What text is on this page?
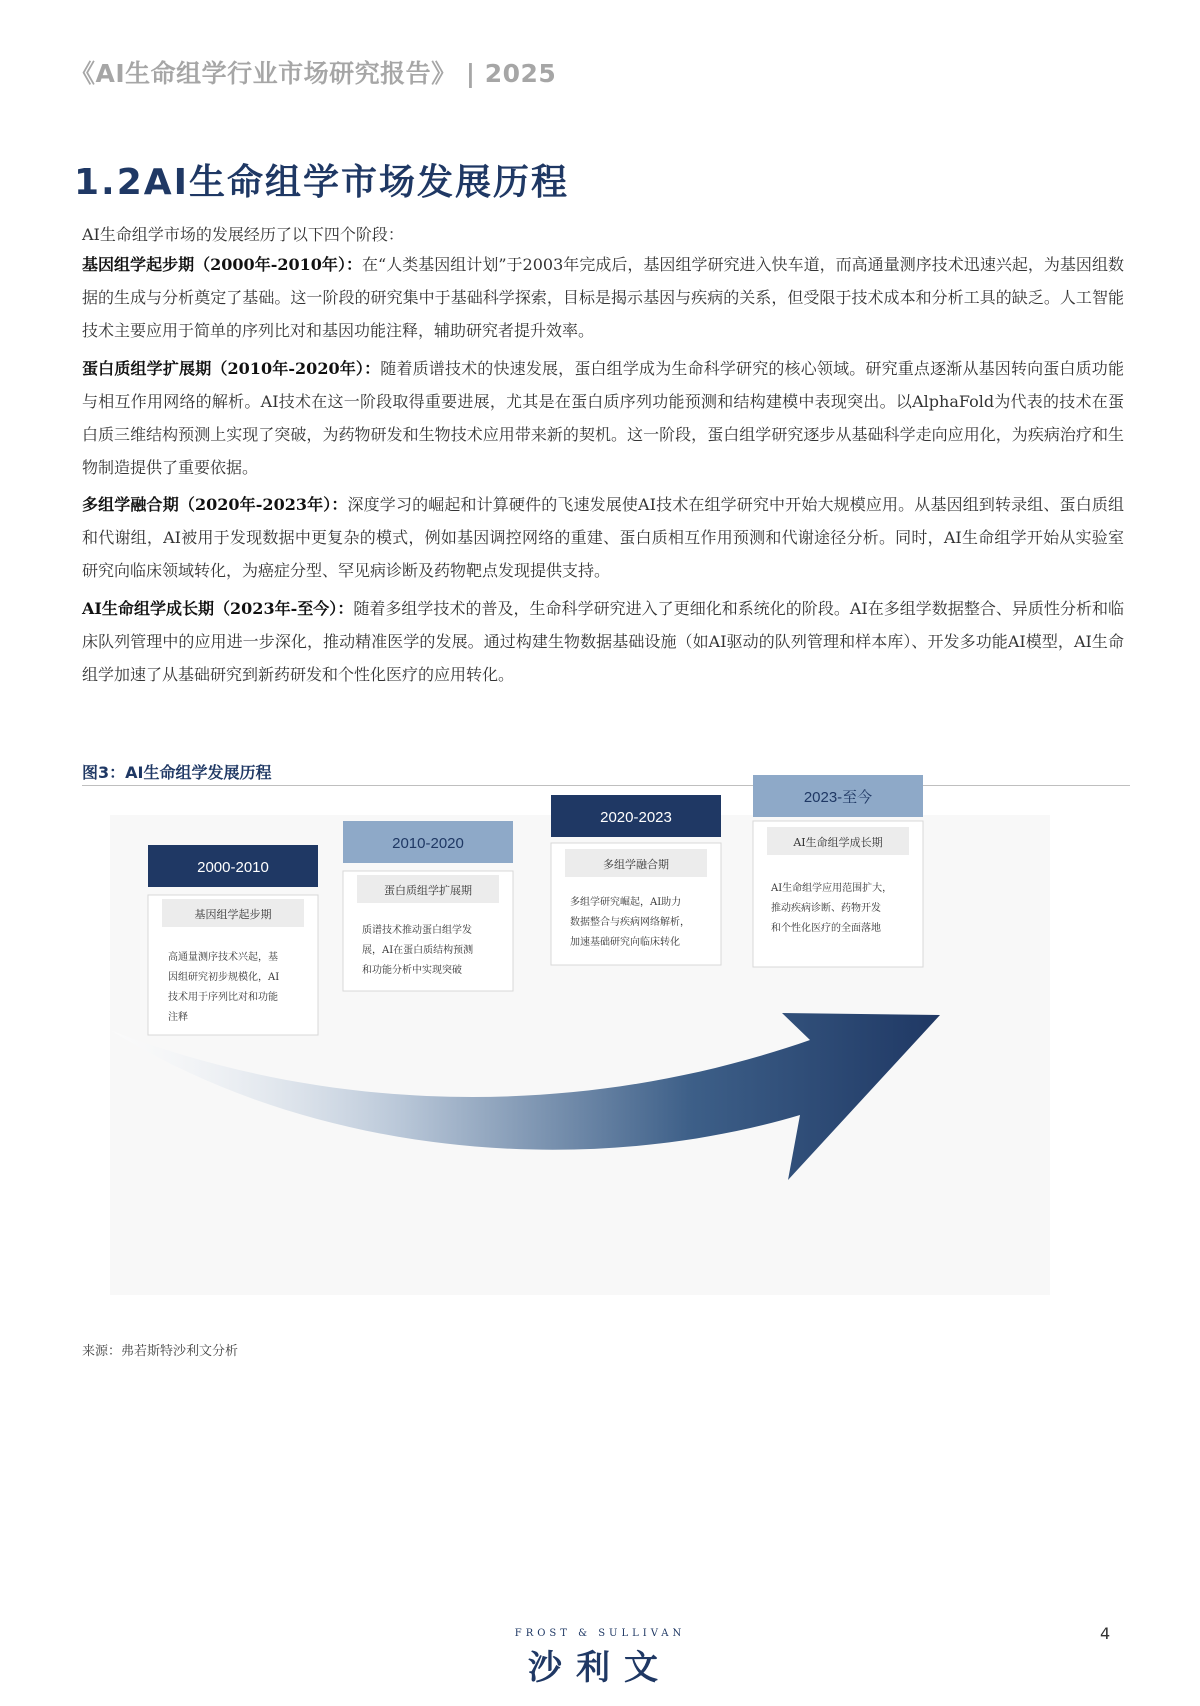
《AI生命组学行业市场研究报告》 | 2025
1.2AI生命组学市场发展历程

AI生命组学市场的发展经历了以下四个阶段：

基因组学起步期（2000年-2010年）：在“人类基因组计划”于2003年完成后，基因组学研究进入快车道，而高通量测序技术迅速兴起，为基因组数据的生成与分析奠定了基础。这一阶段的研究集中于基础科学探索，目标是揭示基因与疾病的关系，但受限于技术成本和分析工具的缺乏。人工智能技术主要应用于简单的序列比对和基因功能注释，辅助研究者提升效率。

蛋白质组学扩展期（2010年-2020年）：随着质谱技术的快速发展，蛋白组学成为生命科学研究的核心领域。研究重点逐渐从基因转向蛋白质功能与相互作用网络的解析。AI技术在这一阶段取得重要进展，尤其是在蛋白质序列功能预测和结构建模中表现突出。以AlphaFold为代表的技术在蛋白质三维结构预测上实现了突破，为药物研发和生物技术应用带来新的契机。这一阶段，蛋白组学研究逐步从基础科学走向应用化，为疾病治疗和生物制造提供了重要依据。

多组学融合期（2020年-2023年）：深度学习的崛起和计算硬件的飞速发展使AI技术在组学研究中开始大规模应用。从基因组到转录组、蛋白质组和代谢组，AI被用于发现数据中更复杂的模式，例如基因调控网络的重建、蛋白质相互作用预测和代谢途径分析。同时，AI生命组学开始从实验室研究向临床领域转化，为癌症分型、罕见病诊断及药物靶点发现提供支持。

AI生命组学成长期（2023年-至今）：随着多组学技术的普及，生命科学研究进入了更细化和系统化的阶段。AI在多组学数据整合、异质性分析和临床队列管理中的应用进一步深化，推动精准医学的发展。通过构建生物数据基础设施（如AI驱动的队列管理和样本库）、开发多功能AI模型，AI生命组学加速了从基础研究到新药研发和个性化医疗的应用转化。

图3：AI生命组学发展历程
2000-2010
基因组学起步期
高通量测序技术兴起，基
因组研究初步规模化，AI
技术用于序列比对和功能
注释
2010-2020
蛋白质组学扩展期
质谱技术推动蛋白组学发
展，AI在蛋白质结构预测
和功能分析中实现突破
2020-2023
多组学融合期
多组学研究崛起，AI助力
数据整合与疾病网络解析，
加速基础研究向临床转化
2023-至今
AI生命组学成长期
AI生命组学应用范围扩大，
推动疾病诊断、药物开发
和个性化医疗的全面落地
来源：弗若斯特沙利文分析
FROST & SULLIVAN
沙利文
4
